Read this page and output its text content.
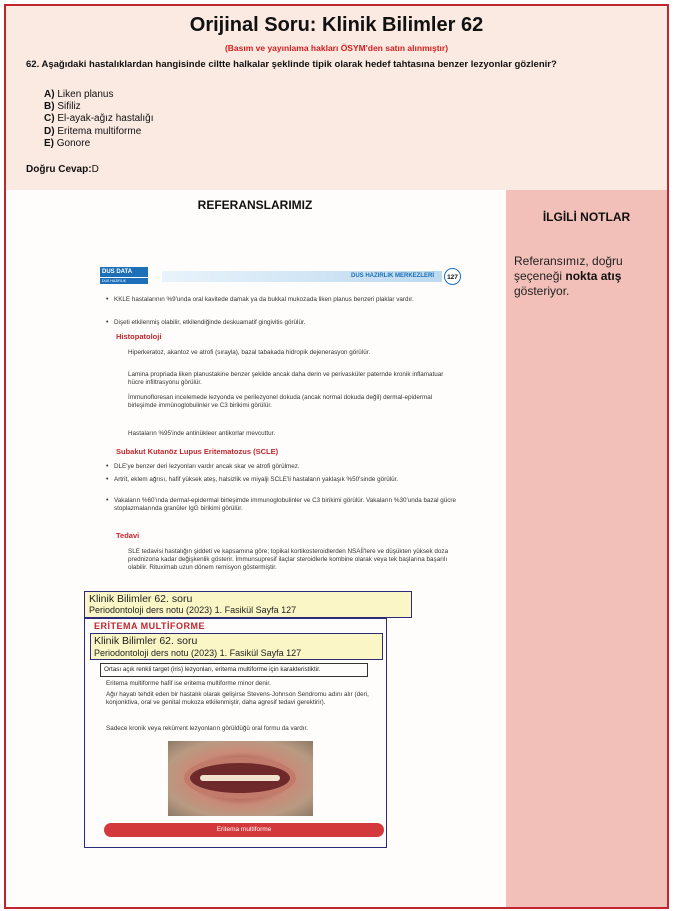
Orijinal Soru: Klinik Bilimler 62
(Basım ve yayınlama hakları ÖSYM'den satın alınmıştır)
62. Aşağıdaki hastalıklardan hangisinde ciltte halkalar şeklinde tipik olarak hedef tahtasına benzer lezyonlar gözlenir?
A) Liken planus
B) Sifiliz
C) El-ayak-ağız hastalığı
D) Eritema multiforme
E) Gonore
Doğru Cevap:D
İLGİLİ NOTLAR
Referansımız, doğru şeçeneği nokta atış gösteriyor.
REFERANSLARIMIZ
DUS DATA
DUS HAZIRLIK MERKEZLERİ
DUS HAZIRLIK MERKEZLERİ	127
• KKLE hastalarının %9'unda oral kavitede damak ya da bukkal mukozada liken planus benzeri plaklar vardır.
• Dişeti etkilenmiş olabilir, etkilendiğinde deskuamatif gingivitis görülür.
Histopatoloji
Hiperkeratoz, akantoz ve atrofi (sırayla), bazal tabakada hidropik dejenerasyon görülür.
Lamina propriada liken planustakine benzer şekilde ancak daha derin ve perivasküler paternde kronik inflamatuar hücre infiltrasyonu görülür.
İmmunofloresan incelemede lezyonda ve perilezyonel dokuda (ancak normal dokuda değil) dermal-epidermal birleşimde immünoglobulinler ve C3 birikimi görülür.
Hastaların %95'inde antinükleer antikorlar mevcuttur.
Subakut Kutanöz Lupus Eritematozus (SCLE)
• DLE'ye benzer deri lezyonları vardır ancak skar ve atrofi görülmez.
• Artrit, eklem ağrısı, hafif yüksek ateş, halsizlik ve miyalji SCLE'li hastaların yaklaşık %50'sinde görülür.
• Vakaların %60'ında dermal-epidermal birleşimde immunoglobulinler ve C3 birikimi görülür. Vakaların %30'unda bazal gücre stoplazmalarında granüler IgG birikimi görülür.
Tedavi
SLE tedavisi hastalığın şiddeti ve kapsamına göre; topikal kortikosteroidlerden NSAİİ'lere ve düşükten yüksek doza prednizona kadar değişkenlik gösterir. İmmunsupresif ilaçlar steroidlerle kombine olarak veya tek başlarına başarılı olabilir. Rituximab uzun dönem remisyon göstermiştir.
Klinik Bilimler 62. soru
Periodontoloji ders notu (2023) 1. Fasikül Sayfa 127
ERİTEMA MULTİFORME
Klinik Bilimler 62. soru
Periodontoloji ders notu (2023) 1. Fasikül Sayfa 127
Ortası açık renkli target (iris) lezyonları, eritema multiforme için karakteristiktir.
Eritema multiforme hafif ise eritema multiforme minor denir.
Ağır hayatı tehdit eden bir hastalık olarak gelişirse Stevens-Johnson Sendromu adını alır (deri, konjonktiva, oral ve genital mukoza etkilenmiştir, daha agresif tedavi gerektirir).
Sadece kronik veya rekürrent lezyonların görüldüğü oral formu da vardır.
Eritema multiforme
